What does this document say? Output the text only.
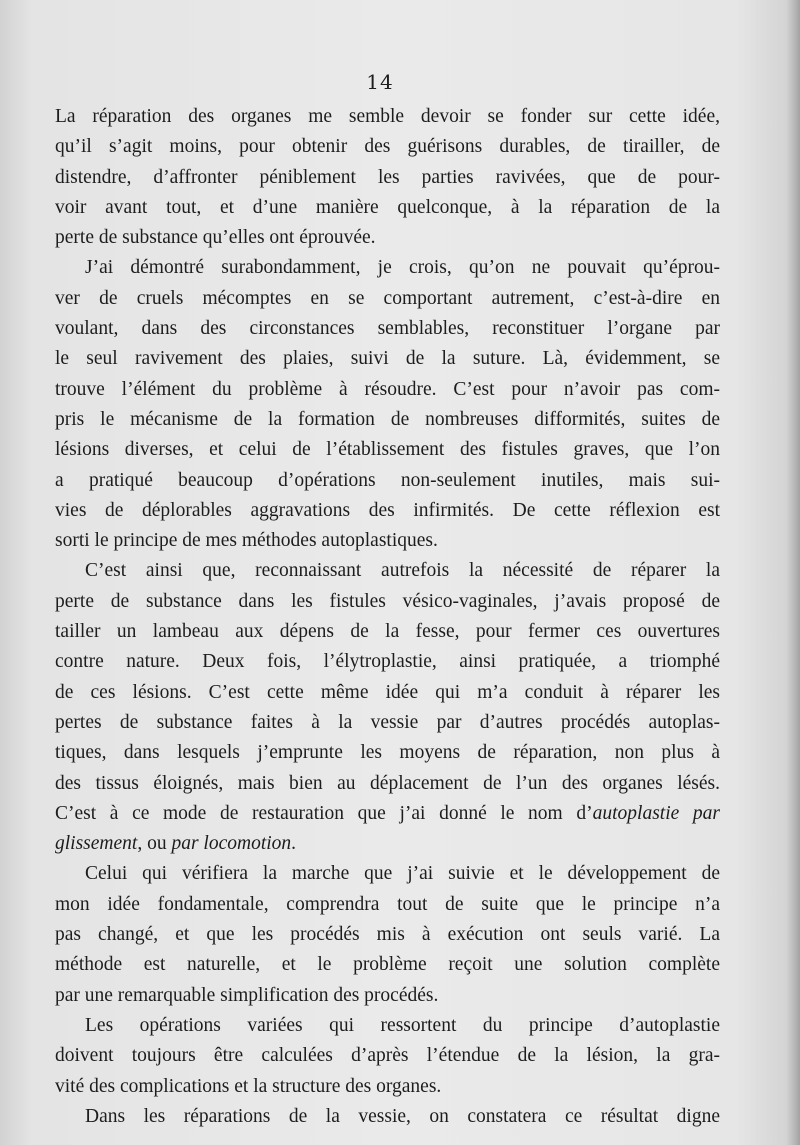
14
La réparation des organes me semble devoir se fonder sur cette idée,
qu’il s’agit moins, pour obtenir des guérisons durables, de tirailler, de
distendre, d’affronter péniblement les parties ravivées, que de pour-
voir avant tout, et d’une manière quelconque, à la réparation de la
perte de substance qu’elles ont éprouvée.
J’ai démontré surabondamment, je crois, qu’on ne pouvait qu’éprou-
ver de cruels mécomptes en se comportant autrement, c’est-à-dire en
voulant, dans des circonstances semblables, reconstituer l’organe par
le seul ravivement des plaies, suivi de la suture. Là, évidemment, se
trouve l’élément du problème à résoudre. C’est pour n’avoir pas com-
pris le mécanisme de la formation de nombreuses difformités, suites de
lésions diverses, et celui de l’établissement des fistules graves, que l’on
a pratiqué beaucoup d’opérations non-seulement inutiles, mais sui-
vies de déplorables aggravations des infirmités. De cette réflexion est
sorti le principe de mes méthodes autoplastiques.
C’est ainsi que, reconnaissant autrefois la nécessité de réparer la
perte de substance dans les fistules vésico-vaginales, j’avais proposé de
tailler un lambeau aux dépens de la fesse, pour fermer ces ouvertures
contre nature. Deux fois, l’élytroplastie, ainsi pratiquée, a triomphé
de ces lésions. C’est cette même idée qui m’a conduit à réparer les
pertes de substance faites à la vessie par d’autres procédés autoplas-
tiques, dans lesquels j’emprunte les moyens de réparation, non plus à
des tissus éloignés, mais bien au déplacement de l’un des organes lésés.
C’est à ce mode de restauration que j’ai donné le nom d’autoplastie par
glissement, ou par locomotion.
Celui qui vérifiera la marche que j’ai suivie et le développement de
mon idée fondamentale, comprendra tout de suite que le principe n’a
pas changé, et que les procédés mis à exécution ont seuls varié. La
méthode est naturelle, et le problème reçoit une solution complète
par une remarquable simplification des procédés.
Les opérations variées qui ressortent du principe d’autoplastie
doivent toujours être calculées d’après l’étendue de la lésion, la gra-
vité des complications et la structure des organes.
Dans les réparations de la vessie, on constatera ce résultat digne
